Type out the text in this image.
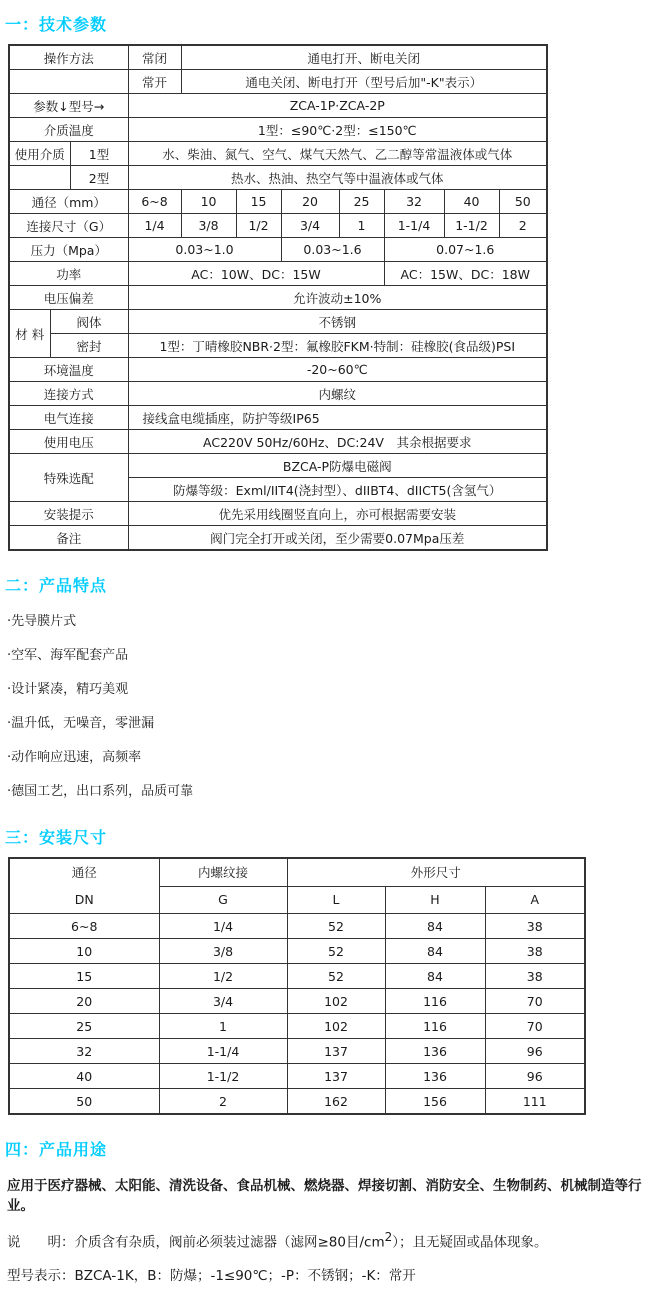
一：技术参数
操作方法			常闭	通电打开、断电关闭						
			常开	通电关闭、断电打开（型号后加"-K"表示）						
参数↓型号→			ZCA-1P·ZCA-2P							
介质温度			1型：≤90℃·2型：≤150℃							
使用介质		1型	水、柴油、氮气、空气、煤气天然气、乙二醇等常温液体或气体							
		2型	热水、热油、热空气等中温液体或气体							
通径（mm）			6~8	10	15	20	25	32	40	50
连接尺寸（G）			1/4	3/8	1/2	3/4	1	1-1/4	1-1/2	2
压力（Mpa）			0.03~1.0			0.03~1.6		0.07~1.6		
功率			AC：10W、DC：15W					AC：15W、DC：18W		
电压偏差			允许波动±10%							
材 料	阀体		不锈钢							
	密封		1型：丁晴橡胶NBR·2型：氟橡胶FKM·特制：硅橡胶(食品级)PSI							
环境温度			-20~60℃							
连接方式			内螺纹							
电气连接			接线盒电缆插座，防护等级IP65							
使用电压			AC220V 50Hz/60Hz、DC:24V　其余根据要求							
特殊选配			BZCA-P防爆电磁阀							
			防爆等级：Exml/IIT4(浇封型）、dIIBT4、dIICT5(含氢气）							
安装提示			优先采用线圈竖直向上，亦可根据需要安装							
备注			阀门完全打开或关闭，至少需要0.07Mpa压差							
二：产品特点
·先导膜片式
·空军、海军配套产品
·设计紧凑，精巧美观
·温升低，无噪音，零泄漏
·动作响应迅速，高频率
·德国工艺，出口系列，品质可靠
三：安装尺寸
通径
DN	内螺纹接	外形尺寸		
	G	L	H	A
6~8	1/4	52	84	38
10	3/8	52	84	38
15	1/2	52	84	38
20	3/4	102	116	70
25	1	102	116	70
32	1-1/4	137	136	96
40	1-1/2	137	136	96
50	2	162	156	111
四：产品用途
应用于医疗器械、太阳能、清洗设备、食品机械、燃烧器、焊接切割、消防安全、生物制药、机械制造等行业。
说　　明：介质含有杂质，阀前必须装过滤器（滤网≥80目/cm2）；且无疑固或晶体现象。
型号表示：BZCA-1K，B：防爆；-1≤90℃；-P：不锈钢；-K：常开
